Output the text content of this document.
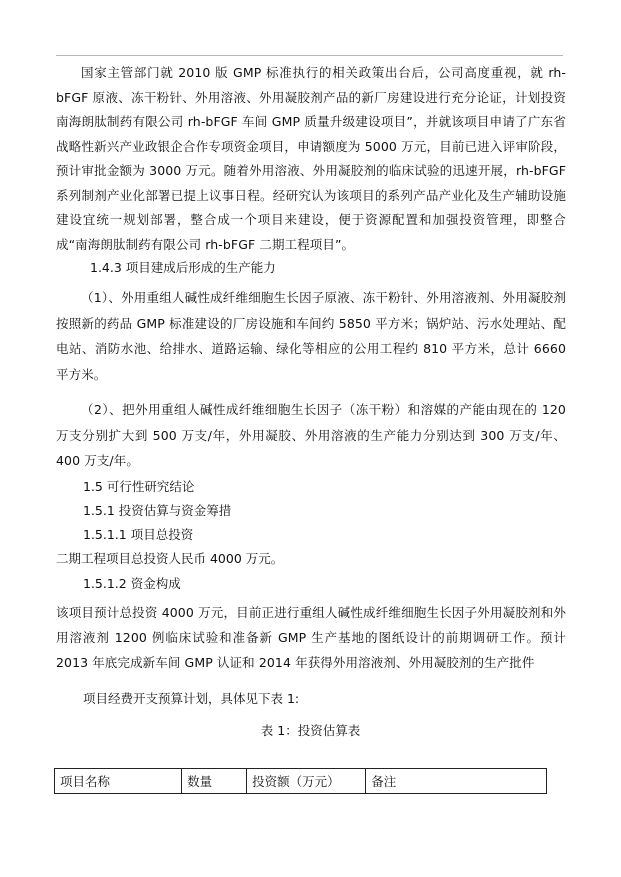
国家主管部门就 2010 版 GMP 标准执行的相关政策出台后，公司高度重视，就 rh-bFGF 原液、冻干粉针、外用溶液、外用凝胶剂产品的新厂房建设进行充分论证，计划投资南海朗肽制药有限公司 rh-bFGF 车间 GMP 质量升级建设项目”，并就该项目申请了广东省战略性新兴产业政银企合作专项资金项目，申请额度为 5000 万元，目前已进入评审阶段，预计审批金额为 3000 万元。随着外用溶液、外用凝胶剂的临床试验的迅速开展，rh-bFGF 系列制剂产业化部署已提上议事日程。经研究认为该项目的系列产品产业化及生产辅助设施建设宜统一规划部署，整合成一个项目来建设，便于资源配置和加强投资管理，即整合成“南海朗肽制药有限公司 rh-bFGF 二期工程项目”。

1.4.3 项目建成后形成的生产能力

（1）、外用重组人碱性成纤维细胞生长因子原液、冻干粉针、外用溶液剂、外用凝胶剂按照新的药品 GMP 标准建设的厂房设施和车间约 5850 平方米；锅炉站、污水处理站、配电站、消防水池、给排水、道路运输、绿化等相应的公用工程约 810 平方米，总计 6660 平方米。

（2）、把外用重组人碱性成纤维细胞生长因子（冻干粉）和溶媒的产能由现在的 120 万支分别扩大到 500 万支/年，外用凝胶、外用溶液的生产能力分别达到 300 万支/年、400 万支/年。

1.5 可行性研究结论

1.5.1 投资估算与资金筹措

1.5.1.1 项目总投资

二期工程项目总投资人民币 4000 万元。

1.5.1.2 资金构成

该项目预计总投资 4000 万元，目前正进行重组人碱性成纤维细胞生长因子外用凝胶剂和外用溶液剂 1200 例临床试验和准备新 GMP 生产基地的图纸设计的前期调研工作。预计 2013 年底完成新车间 GMP 认证和 2014 年获得外用溶液剂、外用凝胶剂的生产批件

项目经费开支预算计划，具体见下表 1:

表 1：投资估算表

项目名称	数量	投资额（万元）	备注
